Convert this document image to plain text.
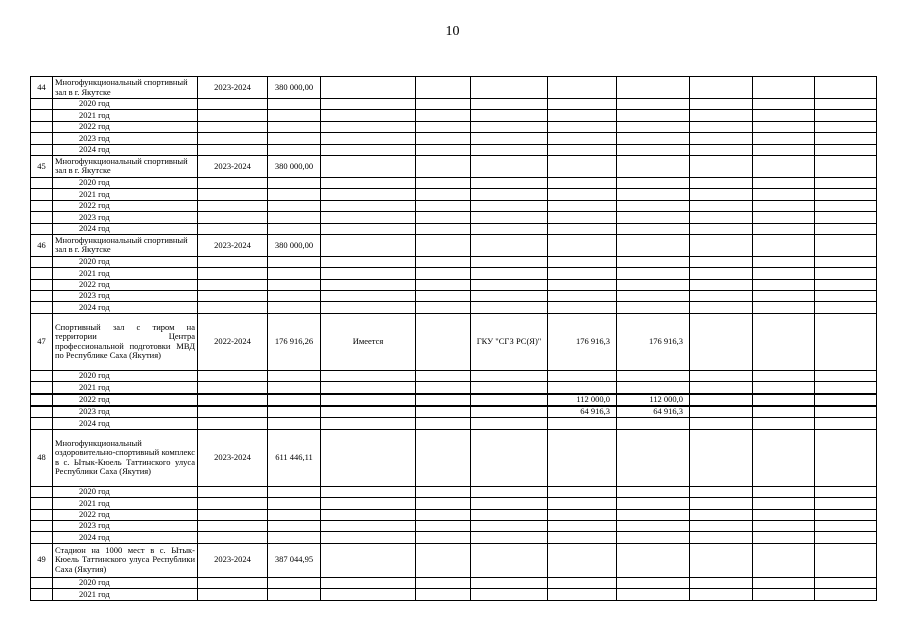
10
44	Многофункциональный спортивный зал в г. Якутске	2023-2024	380 000,00								
	2020 год										
	2021 год										
	2022 год										
	2023 год										
	2024 год										
45	Многофункциональный спортивный зал в г. Якутске	2023-2024	380 000,00								
	2020 год										
	2021 год										
	2022 год										
	2023 год										
	2024 год										
46	Многофункциональный спортивный зал в г. Якутске	2023-2024	380 000,00								
	2020 год										
	2021 год										
	2022 год										
	2023 год										
	2024 год										
47	Спортивный зал с тиром на территории Центра профессиональной подготовки МВД по Республике Саха (Якутия)	2022-2024	176 916,26	Имеется		ГКУ "СГЗ РС(Я)"	176 916,3	176 916,3			
	2020 год										
	2021 год										
	2022 год						112 000,0	112 000,0			
	2023 год						64 916,3	64 916,3			
	2024 год										
48	Многофункциональный оздоровительно-спортивный комплекс в с. Ытык-Кюель Таттинского улуса Республики Саха (Якутия)	2023-2024	611 446,11								
	2020 год										
	2021 год										
	2022 год										
	2023 год										
	2024 год										
49	Стадион на 1000 мест в с. Ытык-Кюель Таттинского улуса Республики Саха (Якутия)	2023-2024	387 044,95								
	2020 год										
	2021 год										
